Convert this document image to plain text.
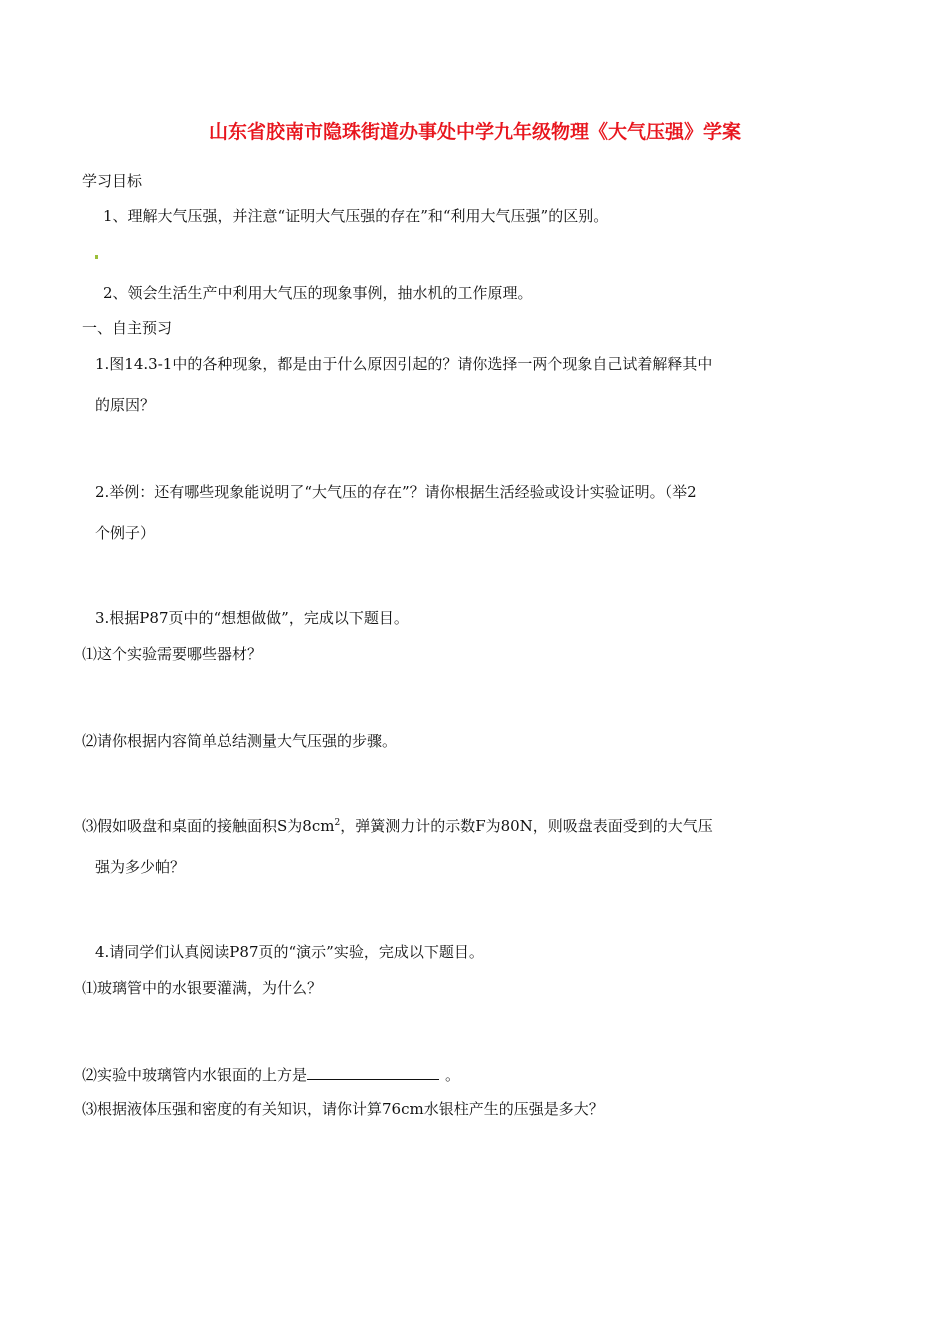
山东省胶南市隐珠街道办事处中学九年级物理《大气压强》学案
学习目标
1、理解大气压强，并注意“证明大气压强的存在”和“利用大气压强”的区别。
2、领会生活生产中利用大气压的现象事例，抽水机的工作原理。
一、自主预习
1.图14.3-1中的各种现象，都是由于什么原因引起的？请你选择一两个现象自己试着解释其中
的原因？
2.举例：还有哪些现象能说明了“大气压的存在”？请你根据生活经验或设计实验证明。（举2
个例子）
3.根据P87页中的“想想做做”，完成以下题目。
⑴这个实验需要哪些器材？
⑵请你根据内容简单总结测量大气压强的步骤。
⑶假如吸盘和桌面的接触面积S为$8cm^2$，弹簧测力计的示数F为80N，则吸盘表面受到的大气压
强为多少帕？
4.请同学们认真阅读P87页的“演示”实验，完成以下题目。
⑴玻璃管中的水银要灌满，为什么？
⑵实验中玻璃管内水银面的上方是	。
⑶根据液体压强和密度的有关知识，请你计算76cm水银柱产生的压强是多大？
